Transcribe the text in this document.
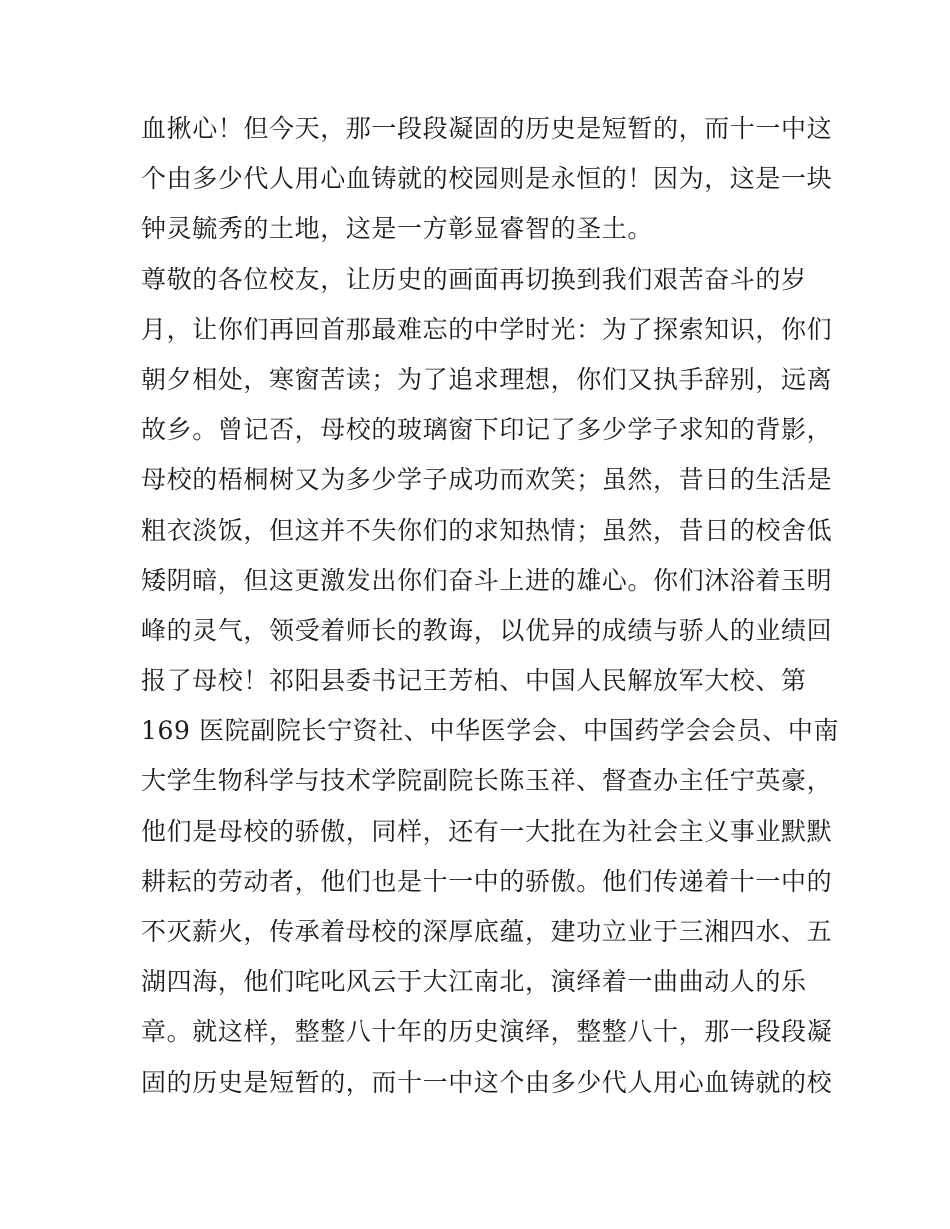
血揪心！但今天，那一段段凝固的历史是短暂的，而十一中这
个由多少代人用心血铸就的校园则是永恒的！因为，这是一块
钟灵毓秀的土地，这是一方彰显睿智的圣土。
尊敬的各位校友，让历史的画面再切换到我们艰苦奋斗的岁
月，让你们再回首那最难忘的中学时光：为了探索知识，你们
朝夕相处，寒窗苦读；为了追求理想，你们又执手辞别，远离
故乡。曾记否，母校的玻璃窗下印记了多少学子求知的背影，
母校的梧桐树又为多少学子成功而欢笑；虽然，昔日的生活是
粗衣淡饭，但这并不失你们的求知热情；虽然，昔日的校舍低
矮阴暗，但这更激发出你们奋斗上进的雄心。你们沐浴着玉明
峰的灵气，领受着师长的教诲，以优异的成绩与骄人的业绩回
报了母校！祁阳县委书记王芳柏、中国人民解放军大校、第
169 医院副院长宁资社、中华医学会、中国药学会会员、中南
大学生物科学与技术学院副院长陈玉祥、督查办主任宁英豪，
他们是母校的骄傲，同样，还有一大批在为社会主义事业默默
耕耘的劳动者，他们也是十一中的骄傲。他们传递着十一中的
不灭薪火，传承着母校的深厚底蕴，建功立业于三湘四水、五
湖四海，他们咤叱风云于大江南北，演绎着一曲曲动人的乐
章。就这样，整整八十年的历史演绎，整整八十，那一段段凝
固的历史是短暂的，而十一中这个由多少代人用心血铸就的校
